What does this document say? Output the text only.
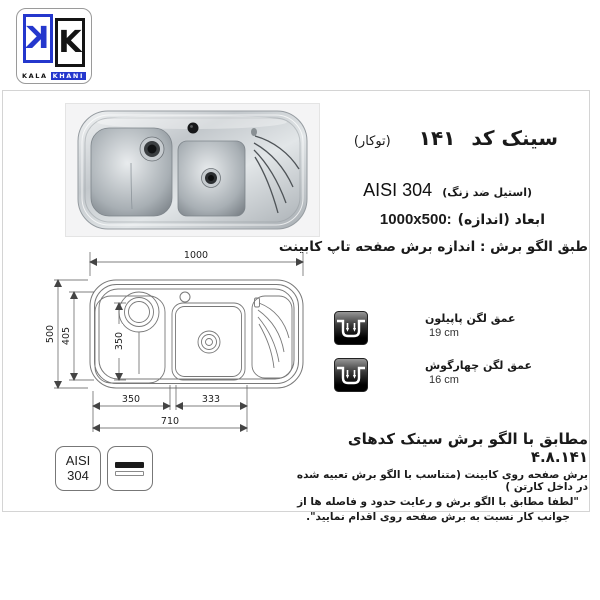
K K
KALA KHANI
سینک کد
۱۴۱
(توکار)
(استیل ضد زنگ)
AISI 304
ابعاد (اندازه)
1000x500:
طبق الگو برش : اندازه برش صفحه تاپ کابینت
1000
500 405	350
350	333
710
عمق لگن پاپیلون
19 cm
عمق لگن چهارگوش
16 cm
مطابق با الگو برش سینک کدهای ۴.۸.۱۴۱
برش صفحه روی کابینت (متناسب با الگو برش تعبیه شده در داخل کارتن )
"لطفا مطابق با الگو برش و رعایت حدود و فاصله ها از
جوانب کار نسبت به برش صفحه روی اقدام نمایید".
AISI
304
